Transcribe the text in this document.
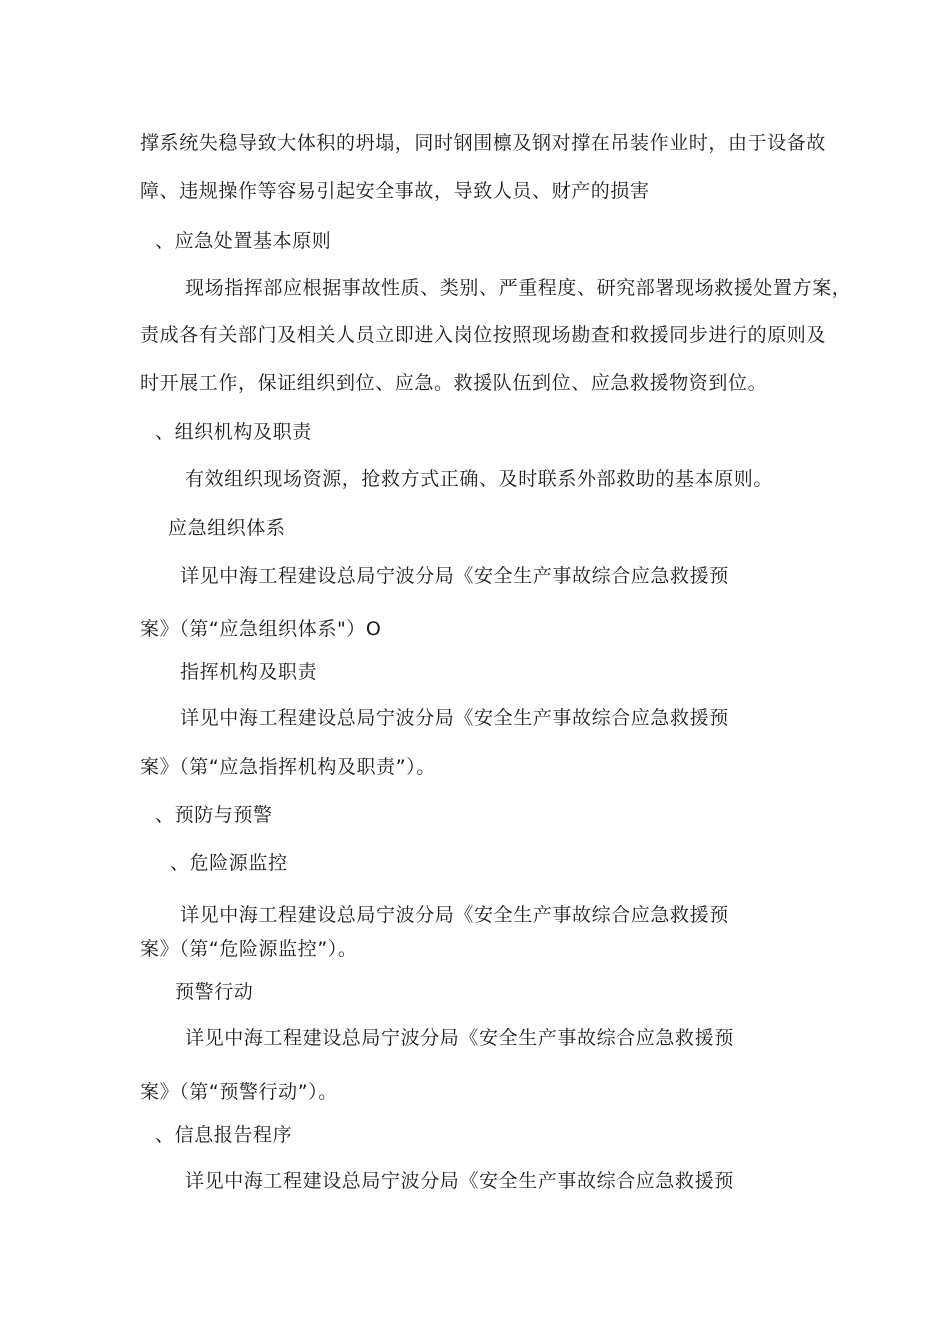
撑系统失稳导致大体积的坍塌，同时钢围檩及钢对撑在吊装作业时，由于设备故
障、违规操作等容易引起安全事故，导致人员、财产的损害
、应急处置基本原则
现场指挥部应根据事故性质、类别、严重程度、研究部署现场救援处置方案，
责成各有关部门及相关人员立即进入岗位按照现场勘查和救援同步进行的原则及
时开展工作，保证组织到位、应急。救援队伍到位、应急救援物资到位。
、组织机构及职责
有效组织现场资源，抢救方式正确、及时联系外部救助的基本原则。
应急组织体系
详见中海工程建设总局宁波分局《安全生产事故综合应急救援预
案》（第“应急组织体系"）O
指挥机构及职责
详见中海工程建设总局宁波分局《安全生产事故综合应急救援预
案》（第“应急指挥机构及职责”）。
、预防与预警
、危险源监控
详见中海工程建设总局宁波分局《安全生产事故综合应急救援预
案》（第“危险源监控”）。
预警行动
详见中海工程建设总局宁波分局《安全生产事故综合应急救援预
案》（第“预警行动”）。
、信息报告程序
详见中海工程建设总局宁波分局《安全生产事故综合应急救援预
